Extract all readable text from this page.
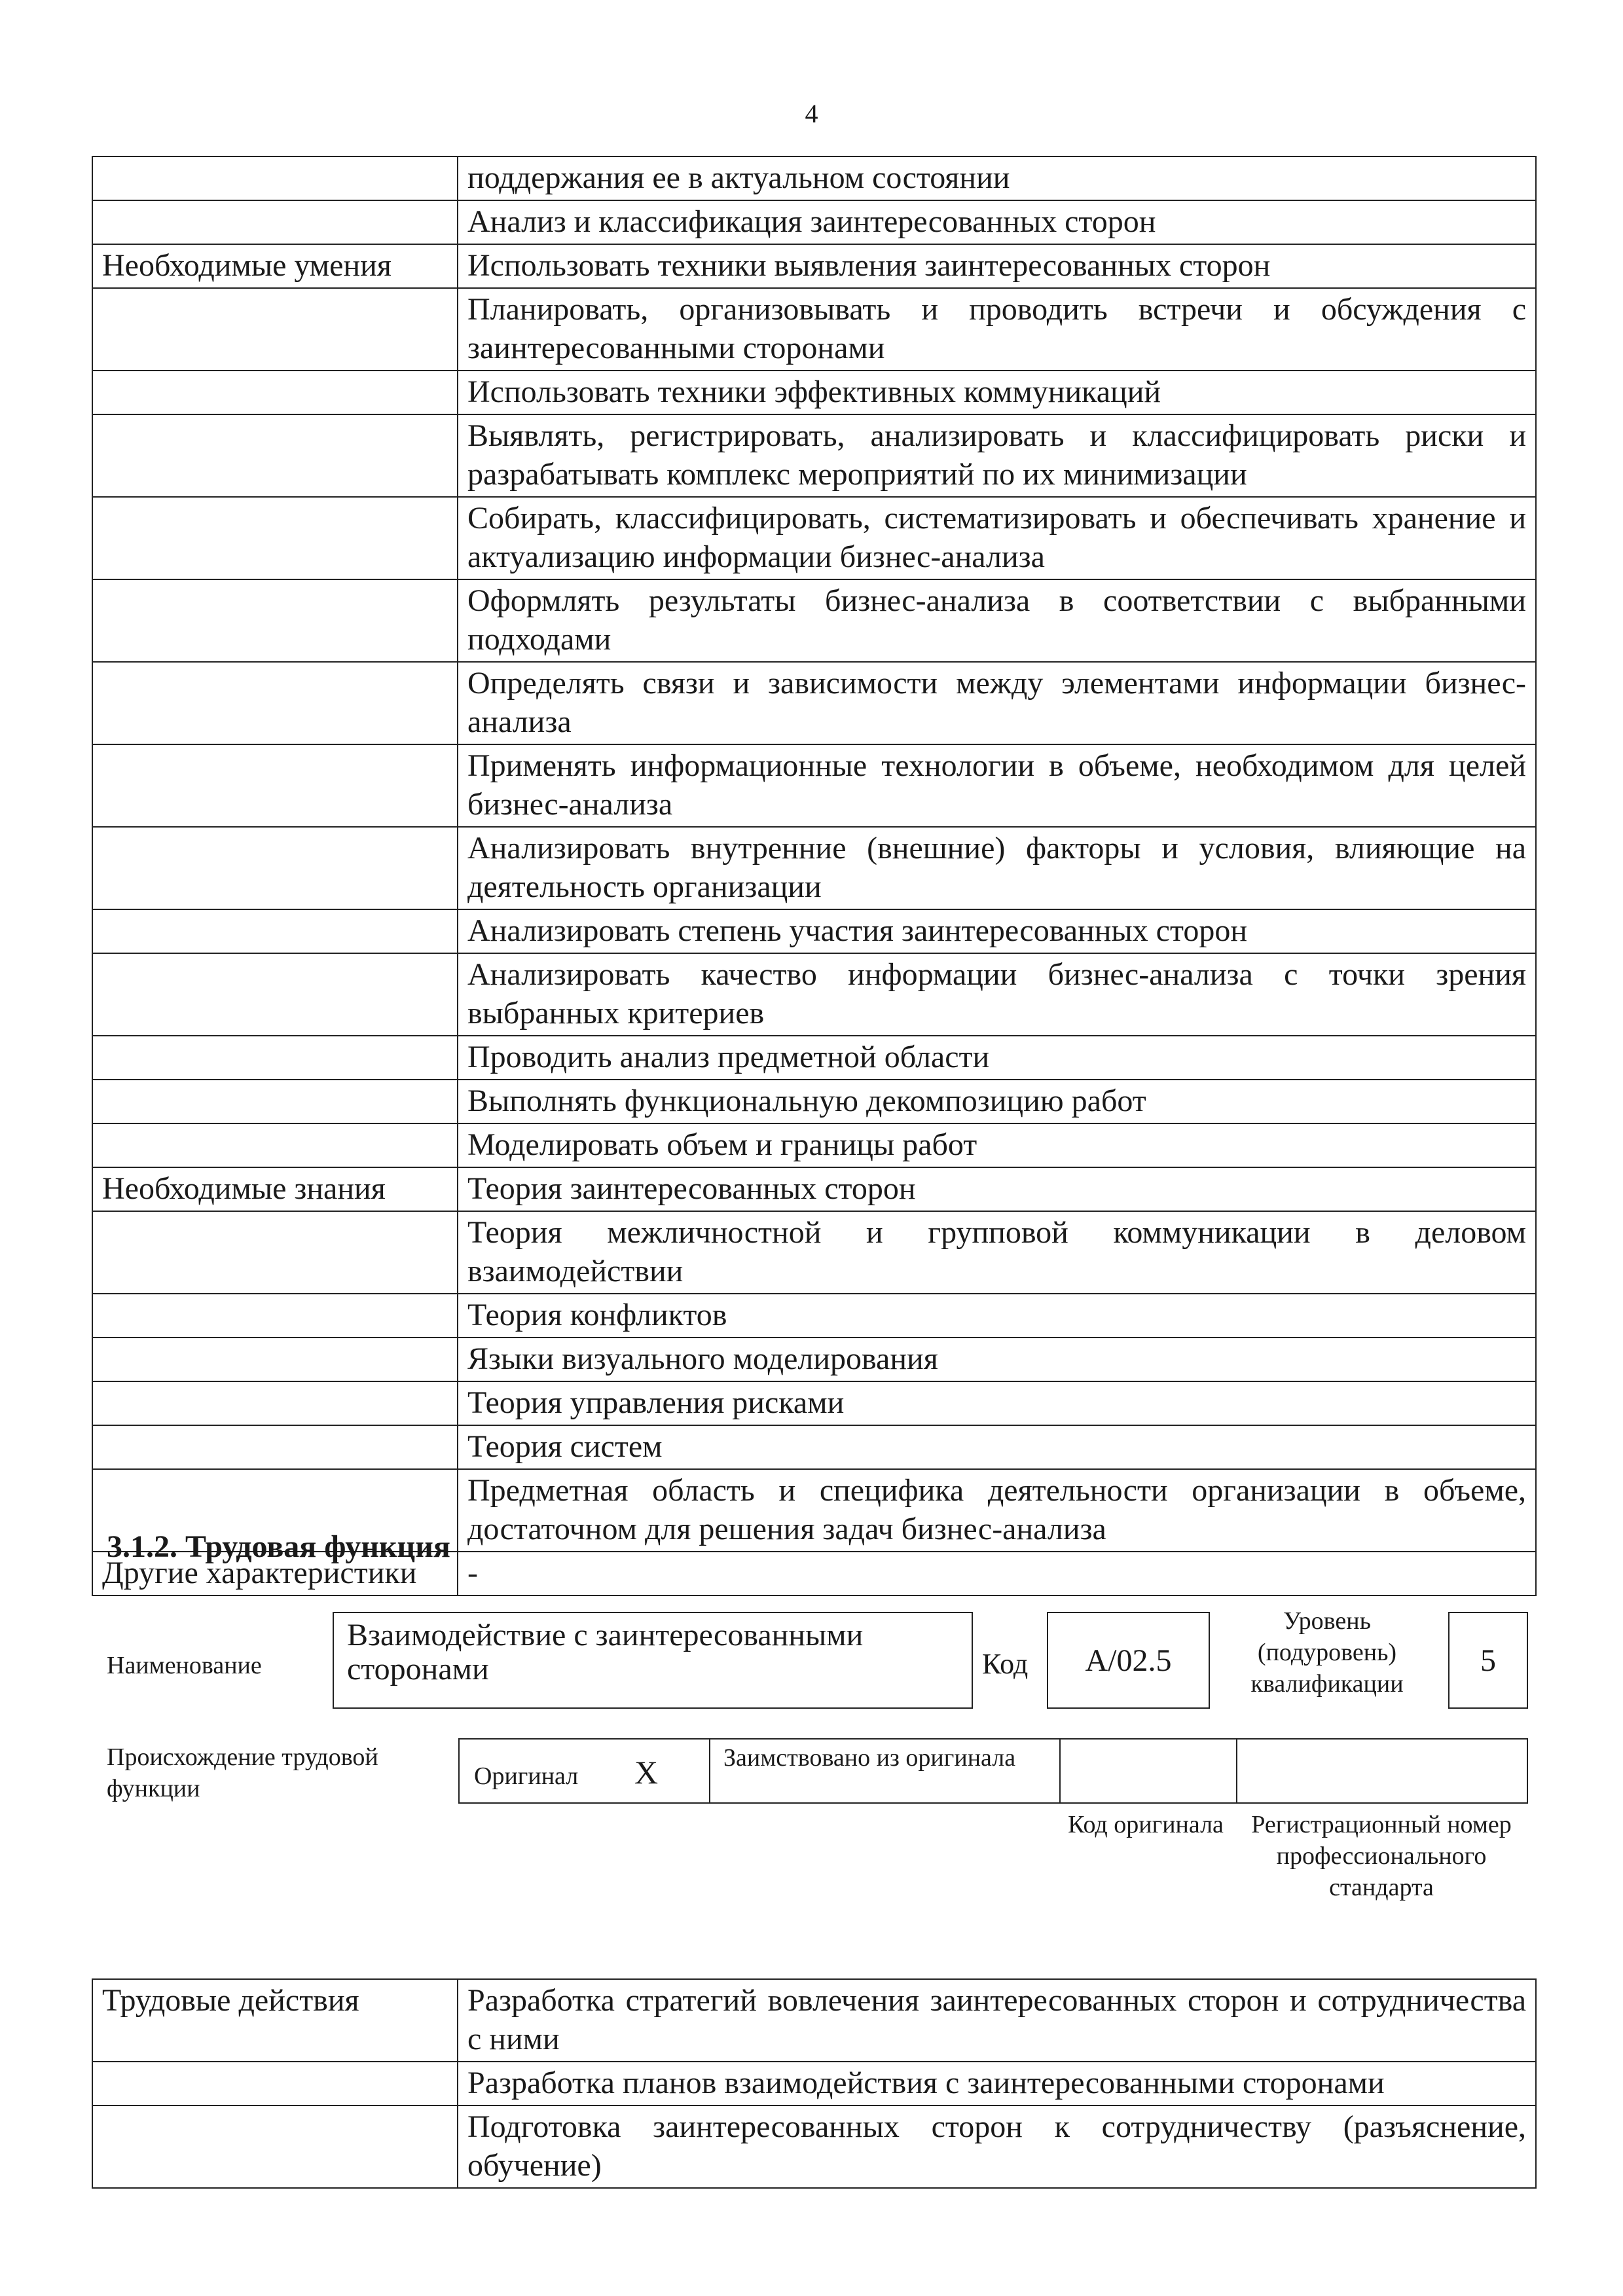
4
	поддержания ее в актуальном состоянии
	Анализ и классификация заинтересованных сторон
Необходимые умения	Использовать техники выявления заинтересованных сторон
	Планировать, организовывать и проводить встречи и обсуждения с заинтересованными сторонами
	Использовать техники эффективных коммуникаций
	Выявлять, регистрировать, анализировать и классифицировать риски и разрабатывать комплекс мероприятий по их минимизации
	Собирать, классифицировать, систематизировать и обеспечивать хранение и актуализацию информации бизнес-анализа
	Оформлять результаты бизнес-анализа в соответствии с выбранными подходами
	Определять связи и зависимости между элементами информации бизнес-анализа
	Применять информационные технологии в объеме, необходимом для целей бизнес-анализа
	Анализировать внутренние (внешние) факторы и условия, влияющие на деятельность организации
	Анализировать степень участия заинтересованных сторон
	Анализировать качество информации бизнес-анализа с точки зрения выбранных критериев
	Проводить анализ предметной области
	Выполнять функциональную декомпозицию работ
	Моделировать объем и границы работ
Необходимые знания	Теория заинтересованных сторон
	Теория межличностной и групповой коммуникации в деловом взаимодействии
	Теория конфликтов
	Языки визуального моделирования
	Теория управления рисками
	Теория систем
	Предметная область и специфика деятельности организации в объеме, достаточном для решения задач бизнес-анализа
Другие характеристики	-
3.1.2. Трудовая функция
Наименование
Взаимодействие с заинтересованными сторонами	Код	А/02.5
Уровень (подуровень) квалификации
5
Происхождение трудовой функции	Оригинал X	Заимствовано из оригинала
Код оригинала	Регистрационный номер профессионального стандарта
Трудовые действия	Разработка стратегий вовлечения заинтересованных сторон и сотрудничества с ними
	Разработка планов взаимодействия с заинтересованными сторонами
	Подготовка заинтересованных сторон к сотрудничеству (разъяснение, обучение)
